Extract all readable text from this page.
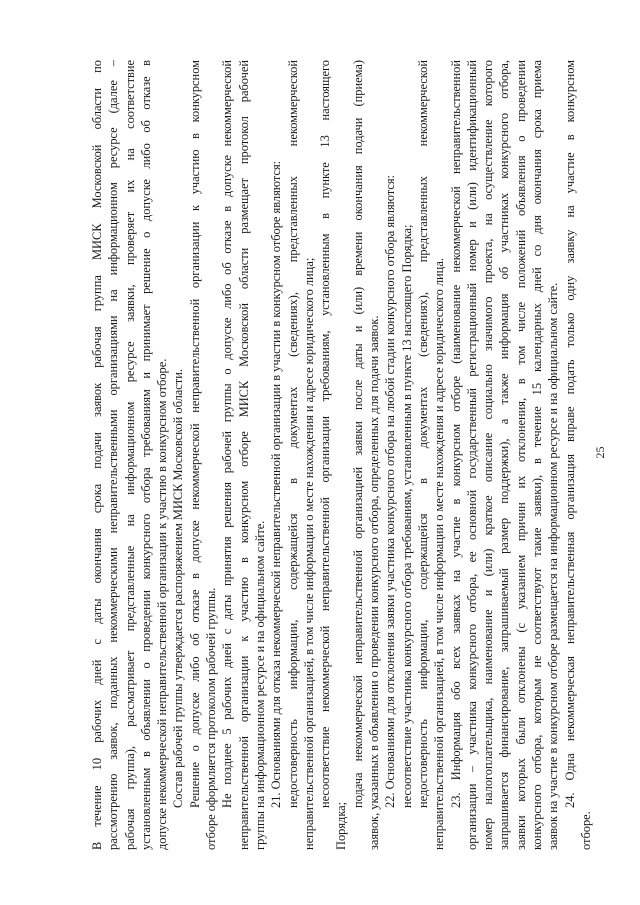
В течение 10 рабочих дней с даты окончания срока подачи заявок рабочая группа МИСК Московской области по рассмотрению заявок, поданных некоммерческими неправительственными организациями на информационном ресурсе (далее – рабочая группа), рассматривает представленные на информационном ресурсе заявки, проверяет их на соответствие установленным в объявлении о проведении конкурсного отбора требованиям и принимает решение о допуске либо об отказе в допуске некоммерческой неправительственной организации к участию в конкурсном отборе. Состав рабочей группы утверждается распоряжением МИСК Московской области. Решение о допуске либо об отказе в допуске некоммерческой неправительственной организации к участию в конкурсном отборе оформляется протоколом рабочей группы. Не позднее 5 рабочих дней с даты принятия решения рабочей группы о допуске либо об отказе в допуске некоммерческой неправительственной организации к участию в конкурсном отборе МИСК Московской области размещает протокол рабочей группы на информационном ресурсе и на официальном сайте. 21. Основаниями для отказа некоммерческой неправительственной организации в участии в конкурсном отборе являются: недостоверность информации, содержащейся в документах (сведениях), представленных некоммерческой неправительственной организацией, в том числе информации о месте нахождения и адресе юридического лица; несоответствие некоммерческой неправительственной организации требованиям, установленным в пункте 13 настоящего
Порядка;
подача некоммерческой неправительственной организацией заявки после даты и (или) времени окончания подачи (приема) заявок, указанных в объявлении о проведении конкурсного отбора, определенных для подачи заявок. 22. Основаниями для отклонения заявки участника конкурсного отбора на любой стадии конкурсного отбора являются: несоответствие участника конкурсного отбора требованиям, установленным в пункте 13 настоящего Порядка; недостоверность информации, содержащейся в документах (сведениях), представленных некоммерческой неправительственной организацией, в том числе информации о месте нахождения и адресе юридического лица. 23. Информация обо всех заявках на участие в конкурсном отборе (наименование некоммерческой неправительственной организации – участника конкурсного отбора, ее основной государственный регистрационный номер и (или) идентификационный номер налогоплательщика, наименование и (или) краткое описание социально значимого проекта, на осуществление которого запрашивается финансирование, запрашиваемый размер поддержки), а также информация об участниках конкурсного отбора, заявки которых были отклонены (с указанием причин их отклонения, в том числе положений объявления о проведении конкурсного отбора, которым не соответствуют такие заявки), в течение 15 календарных дней со дня окончания срока приема заявок на участие в конкурсном отборе размещается на информационном ресурсе и на официальном сайте. 24. Одна некоммерческая неправительственная организация вправе подать только одну заявку на участие в конкурсном
отборе.
25
